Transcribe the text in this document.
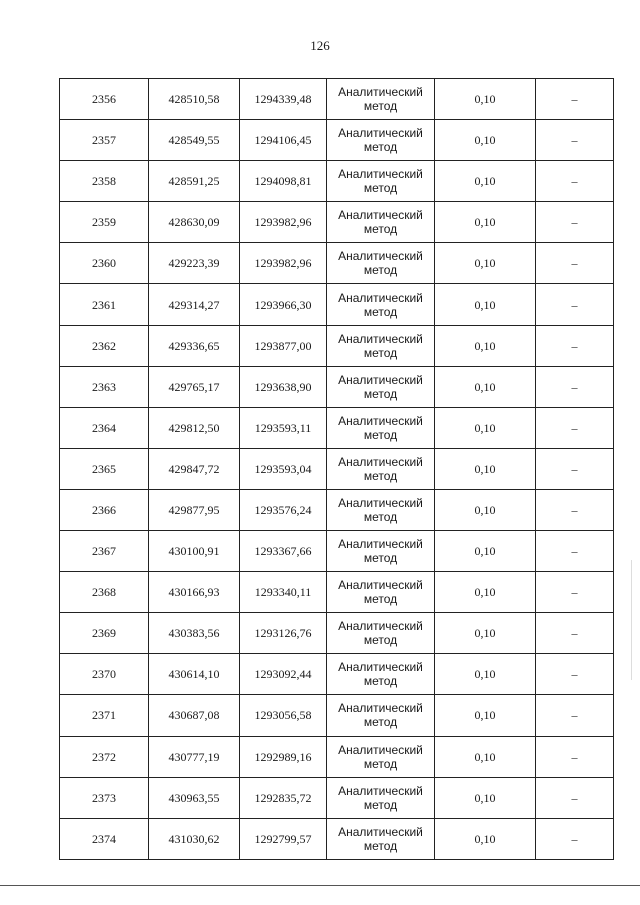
126
2356	428510,58	1294339,48	Аналитический
метод	0,10	–
2357	428549,55	1294106,45	Аналитический
метод	0,10	–
2358	428591,25	1294098,81	Аналитический
метод	0,10	–
2359	428630,09	1293982,96	Аналитический
метод	0,10	–
2360	429223,39	1293982,96	Аналитический
метод	0,10	–
2361	429314,27	1293966,30	Аналитический
метод	0,10	–
2362	429336,65	1293877,00	Аналитический
метод	0,10	–
2363	429765,17	1293638,90	Аналитический
метод	0,10	–
2364	429812,50	1293593,11	Аналитический
метод	0,10	–
2365	429847,72	1293593,04	Аналитический
метод	0,10	–
2366	429877,95	1293576,24	Аналитический
метод	0,10	–
2367	430100,91	1293367,66	Аналитический
метод	0,10	–
2368	430166,93	1293340,11	Аналитический
метод	0,10	–
2369	430383,56	1293126,76	Аналитический
метод	0,10	–
2370	430614,10	1293092,44	Аналитический
метод	0,10	–
2371	430687,08	1293056,58	Аналитический
метод	0,10	–
2372	430777,19	1292989,16	Аналитический
метод	0,10	–
2373	430963,55	1292835,72	Аналитический
метод	0,10	–
2374	431030,62	1292799,57	Аналитический
метод	0,10	–
